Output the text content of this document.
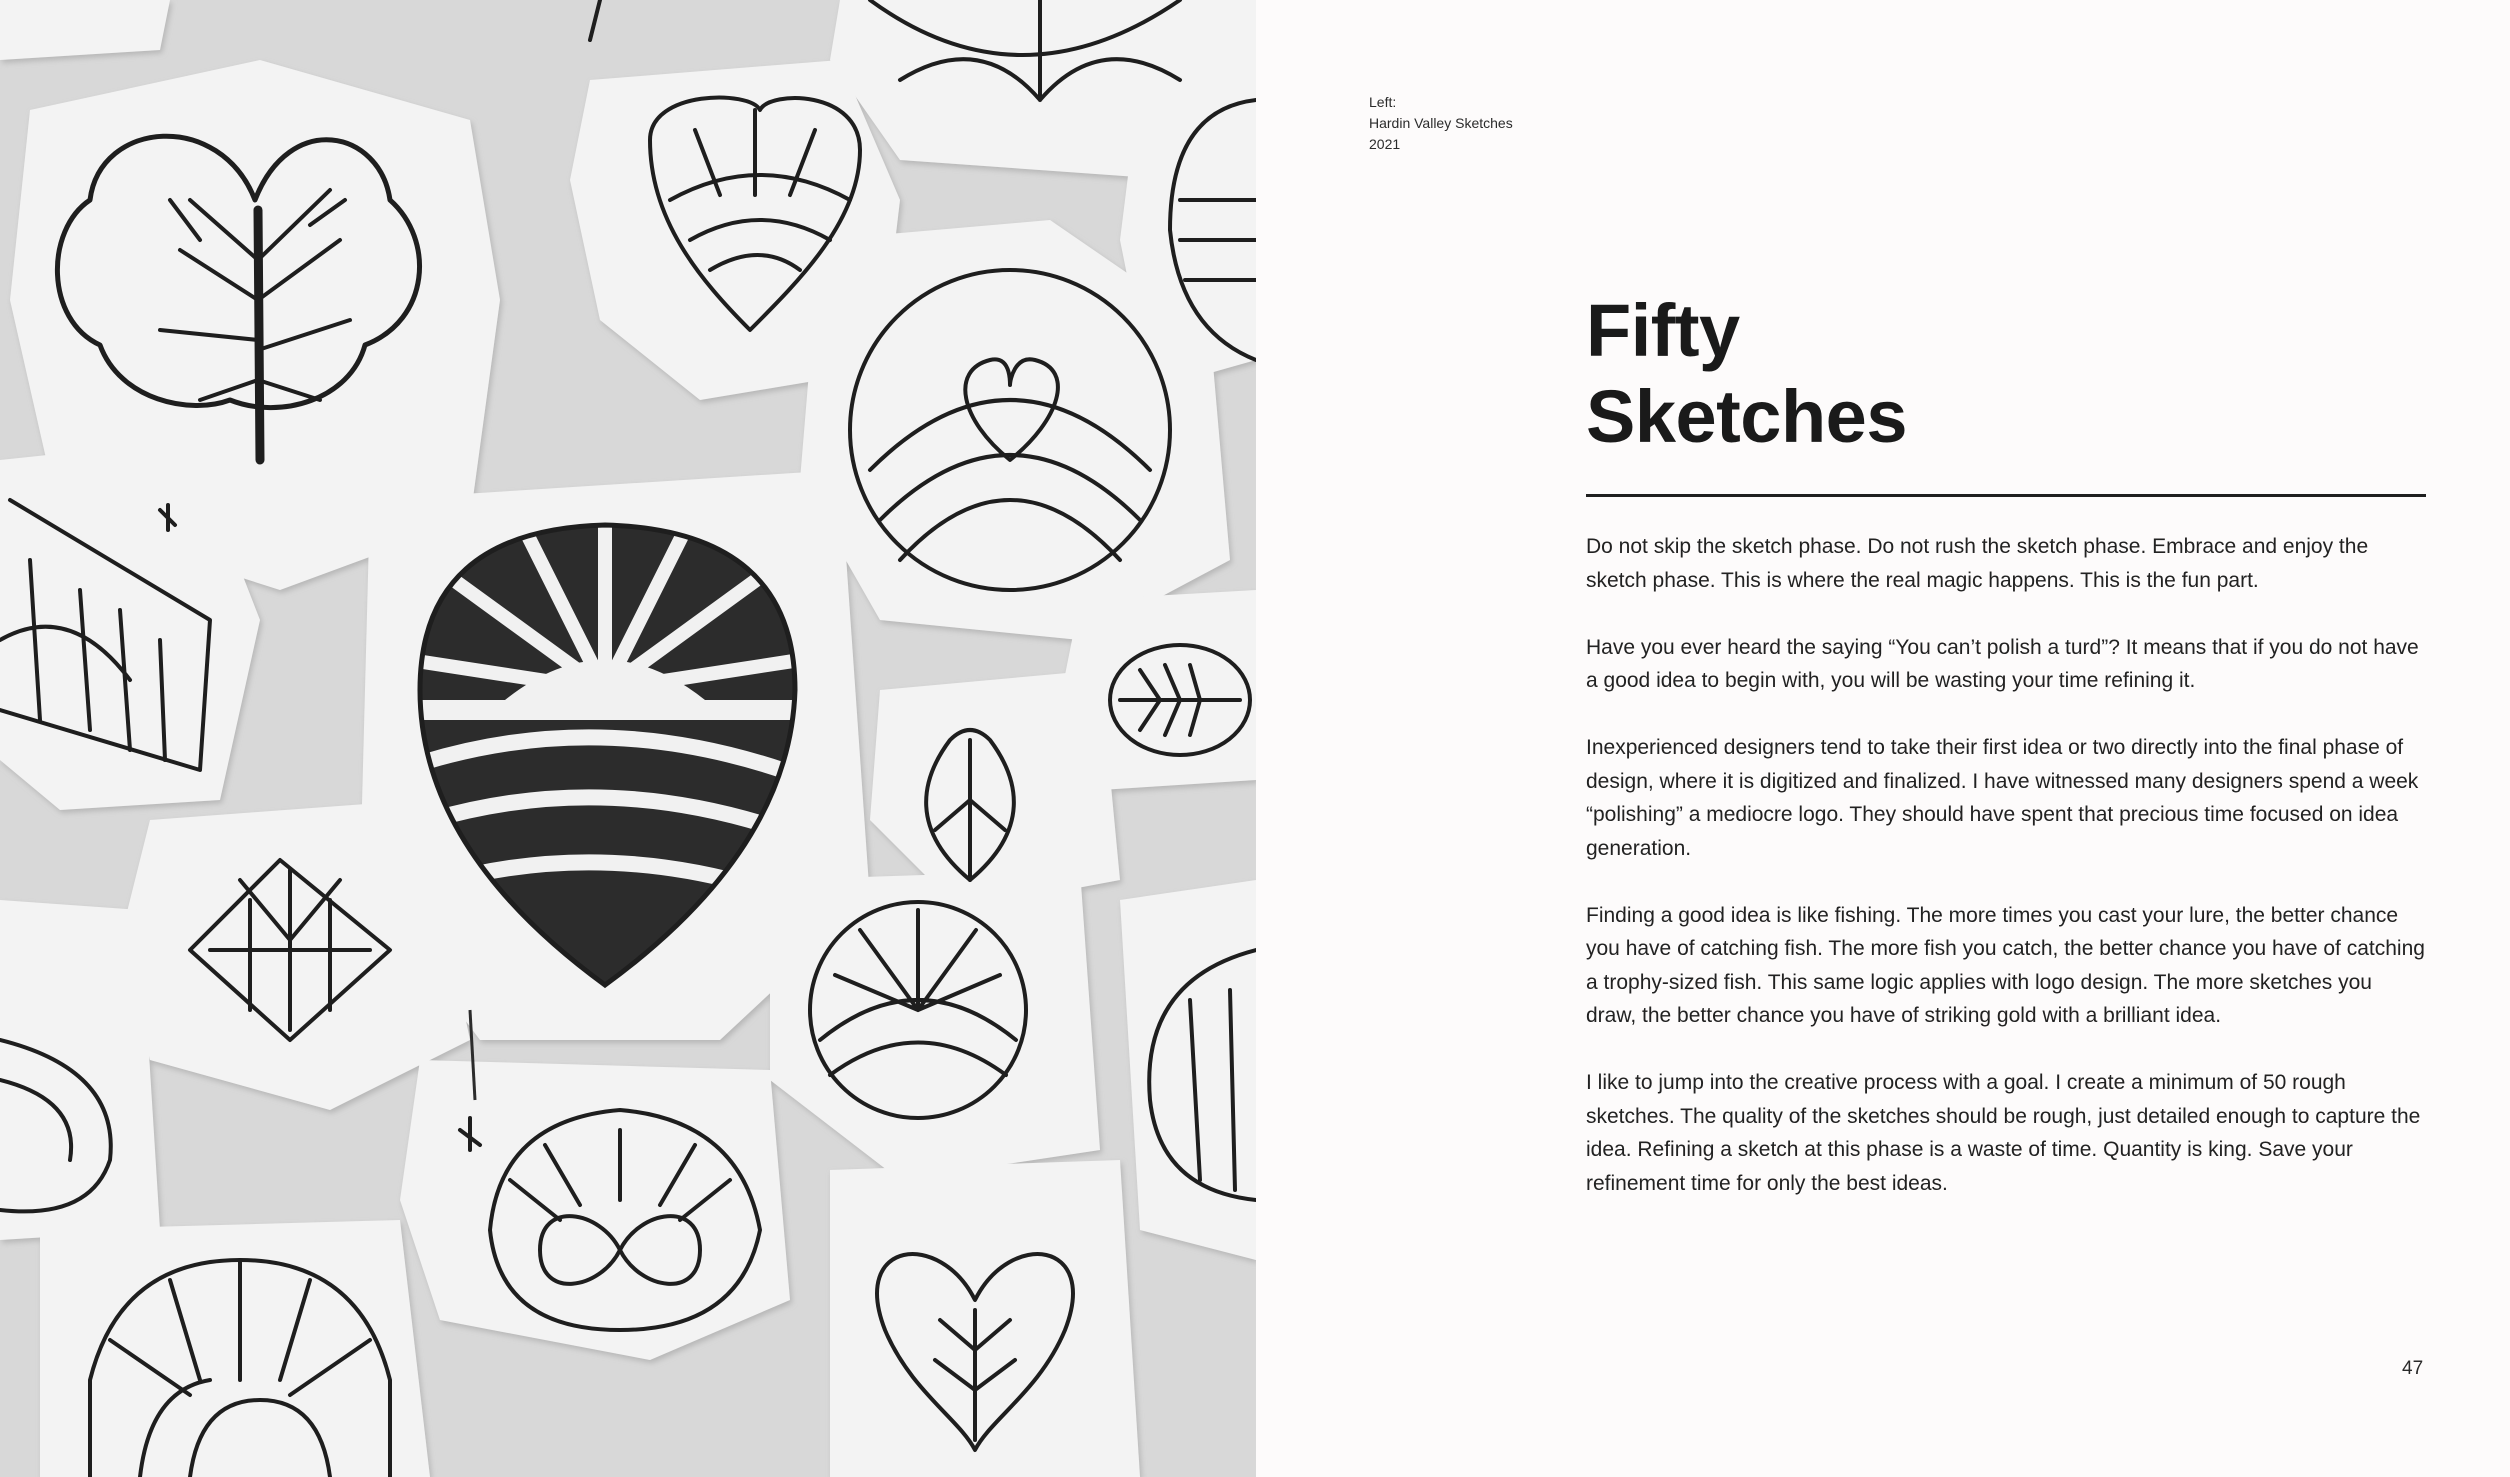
Left:
Hardin Valley Sketches
2021
Fifty
Sketches

Do not skip the sketch phase. Do not rush the sketch phase. Embrace and enjoy the sketch phase. This is where the real magic happens. This is the fun part.

Have you ever heard the saying “You can’t polish a turd”? It means that if you do not have a good idea to begin with, you will be wasting your time refining it.

Inexperienced designers tend to take their first idea or two directly into the final phase of design, where it is digitized and finalized. I have witnessed many designers spend a week “polishing” a mediocre logo. They should have spent that precious time focused on idea generation.

Finding a good idea is like fishing. The more times you cast your lure, the better chance you have of catching fish. The more fish you catch, the better chance you have of catching a trophy-sized fish. This same logic applies with logo design. The more sketches you draw, the better chance you have of striking gold with a brilliant idea.

I like to jump into the creative process with a goal. I create a minimum of 50 rough sketches. The quality of the sketches should be rough, just detailed enough to capture the idea. Refining a sketch at this phase is a waste of time. Quantity is king. Save your refinement time for only the best ideas.

47
